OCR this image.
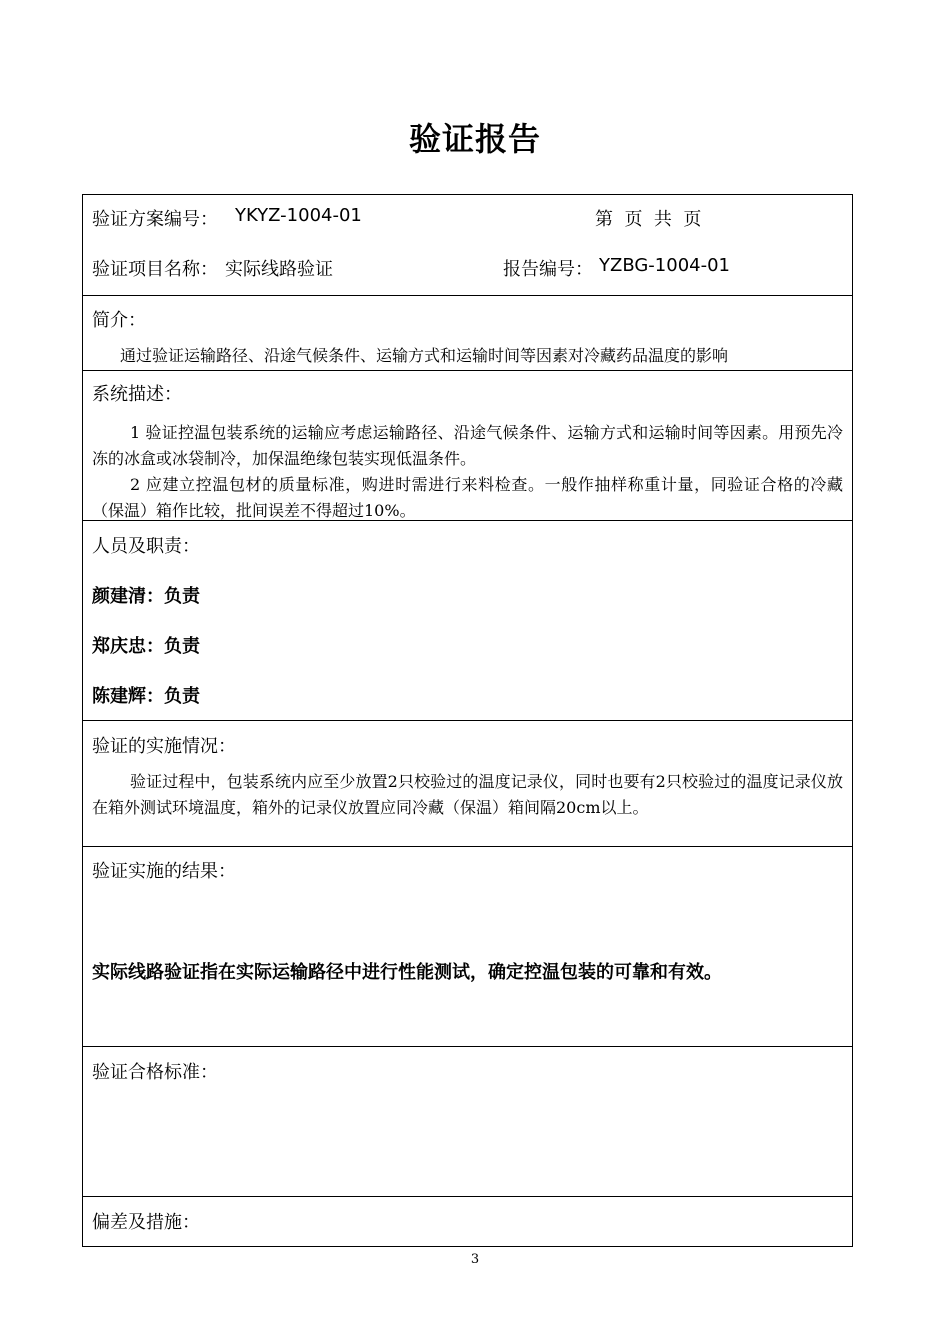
验证报告
验证方案编号： YKYZ-1004-01	第  页  共  页
验证项目名称： 实际线路验证	报告编号： YZBG-1004-01
简介：
通过验证运输路径、沿途气候条件、运输方式和运输时间等因素对冷藏药品温度的影响
系统描述：
1 验证控温包装系统的运输应考虑运输路径、沿途气候条件、运输方式和运输时间等因素。用预先冷冻的冰盒或冰袋制冷，加保温绝缘包装实现低温条件。
2 应建立控温包材的质量标准，购进时需进行来料检查。一般作抽样称重计量，同验证合格的冷藏（保温）箱作比较，批间误差不得超过10%。
人员及职责：
颜建清：负责
郑庆忠：负责
陈建辉：负责
验证的实施情况：
验证过程中，包装系统内应至少放置2只校验过的温度记录仪，同时也要有2只校验过的温度记录仪放在箱外测试环境温度，箱外的记录仪放置应同冷藏（保温）箱间隔20cm以上。
验证实施的结果：
实际线路验证指在实际运输路径中进行性能测试，确定控温包装的可靠和有效。
验证合格标准：
偏差及措施：
3
